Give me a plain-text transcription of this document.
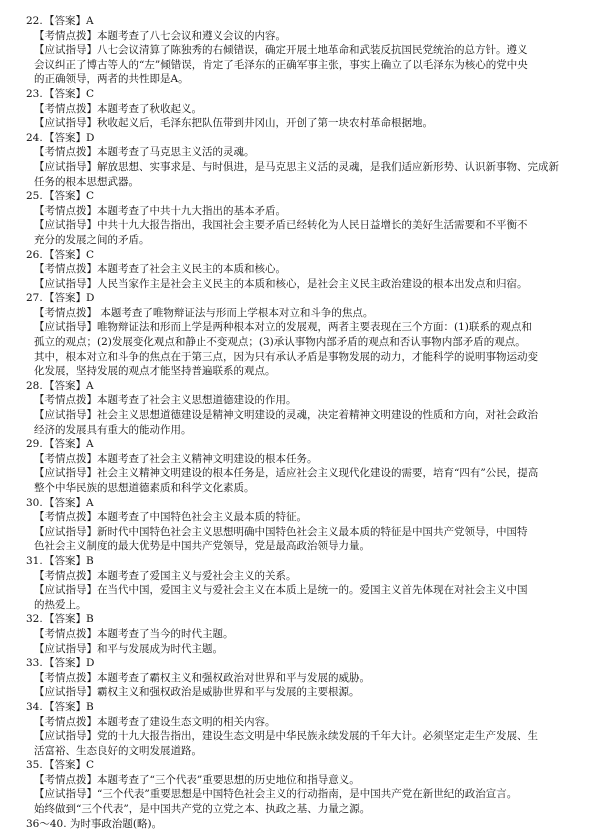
22.【答案】A
【考情点拨】本题考查了八七会议和遵义会议的内容。
【应试指导】八七会议清算了陈独秀的右倾错误，确定开展土地革命和武装反抗国民党统治的总方针。遵义
会议纠正了博古等人的“左”倾错误，肯定了毛泽东的正确军事主张，事实上确立了以毛泽东为核心的党中央
的正确领导，两者的共性即是A。
23.【答案】C
【考情点拨】本题考查了秋收起义。
【应试指导】秋收起义后，毛泽东把队伍带到井冈山，开创了第一块农村革命根据地。
24.【答案】D
【考情点拨】本题考查了马克思主义活的灵魂。
【应试指导】解放思想、实事求是、与时俱进，是马克思主义活的灵魂，是我们适应新形势、认识新事物、完成新
任务的根本思想武器。
25.【答案】C
【考情点拨】本题考查了中共十九大指出的基本矛盾。
【应试指导】中共十九大报告指出，我国社会主要矛盾已经转化为人民日益增长的美好生活需要和不平衡不
充分的发展之间的矛盾。
26.【答案】C
【考情点拨】本题考查了社会主义民主的本质和核心。
【应试指导】人民当家作主是社会主义民主的本质和核心，是社会主义民主政治建设的根本出发点和归宿。
27.【答案】D
【考情点拨】 本题考查了唯物辩证法与形而上学根本对立和斗争的焦点。
【应试指导】唯物辩证法和形而上学是两种根本对立的发展观，两者主要表现在三个方面：(1)联系的观点和
孤立的观点；(2)发展变化观点和静止不变观点；(3)承认事物内部矛盾的观点和否认事物内部矛盾的观点。
其中，根本对立和斗争的焦点在于第三点，因为只有承认矛盾是事物发展的动力，才能科学的说明事物运动变
化发展，坚持发展的观点才能坚持普遍联系的观点。
28.【答案】A
【考情点拨】本题考查了社会主义思想道德建设的作用。
【应试指导】社会主义思想道德建设是精神文明建设的灵魂，决定着精神文明建设的性质和方向，对社会政治
经济的发展具有重大的能动作用。
29.【答案】A
【考情点拨】本题考查了社会主义精神文明建设的根本任务。
【应试指导】社会主义精神文明建设的根本任务是，适应社会主义现代化建设的需要，培育“四有”公民，提高
整个中华民族的思想道德素质和科学文化素质。
30.【答案】A
【考情点拨】本题考查了中国特色社会主义最本质的特征。
【应试指导】新时代中国特色社会主义思想明确中国特色社会主义最本质的特征是中国共产党领导，中国特
色社会主义制度的最大优势是中国共产党领导，党是最高政治领导力量。
31.【答案】B
【考情点拨】本题考查了爱国主义与爱社会主义的关系。
【应试指导】在当代中国，爱国主义与爱社会主义在本质上是统一的。爱国主义首先体现在对社会主义中国
的热爱上。
32.【答案】B
【考情点拨】本题考查了当今的时代主题。
【应试指导】和平与发展成为时代主题。
33.【答案】D
【考情点拨】本题考查了霸权主义和强权政治对世界和平与发展的威胁。
【应试指导】霸权主义和强权政治是威胁世界和平与发展的主要根源。
34.【答案】B
【考情点拨】本题考查了建设生态文明的相关内容。
【应试指导】党的十九大报告指出，建设生态文明是中华民族永续发展的千年大计。必须坚定走生产发展、生
活富裕、生态良好的文明发展道路。
35.【答案】C
【考情点拨】本题考查了“三个代表”重要思想的历史地位和指导意义。
【应试指导】“三个代表”重要思想是中国特色社会主义的行动指南，是中国共产党在新世纪的政治宣言。
始终做到“三个代表”，是中国共产党的立党之本、执政之基、力量之源。
36～40. 为时事政治题(略)。
